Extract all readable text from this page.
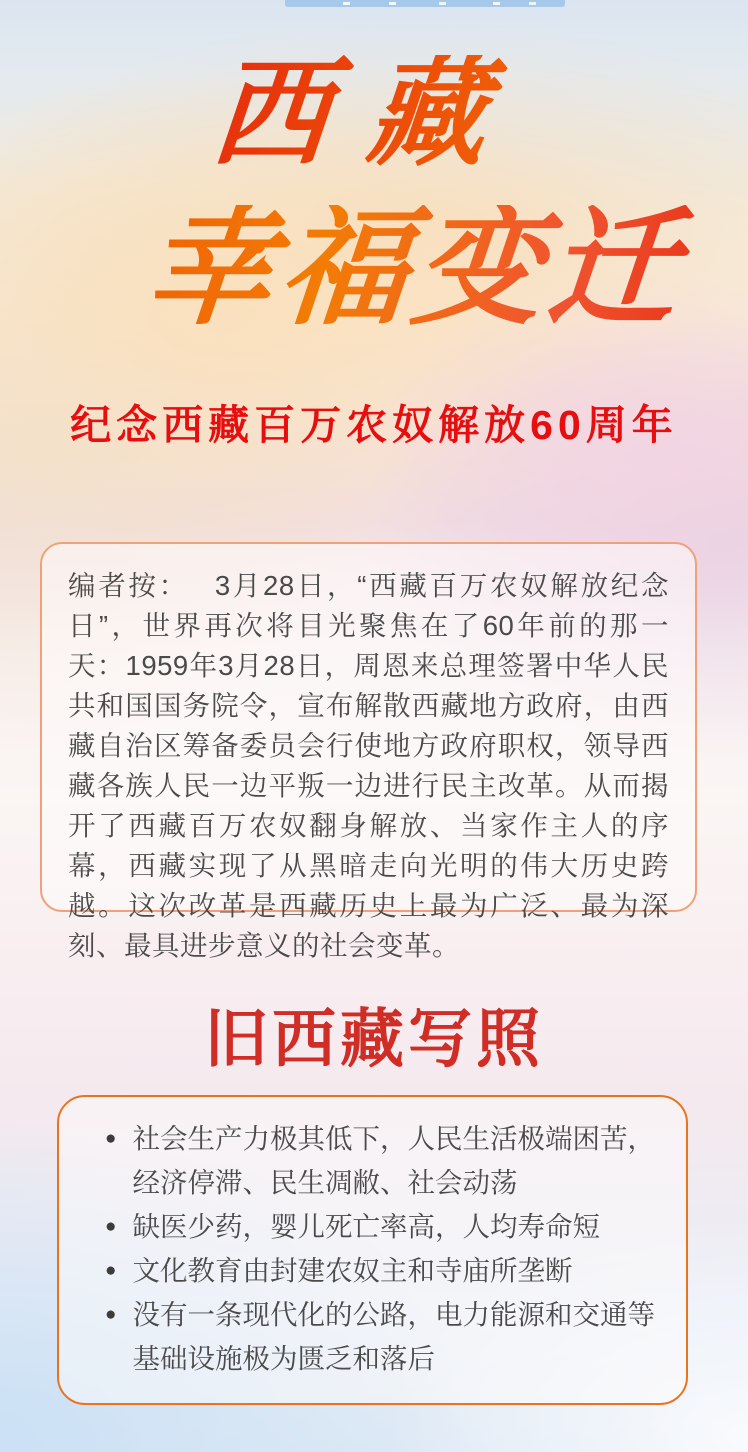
西藏
幸福变迁
纪念西藏百万农奴解放60周年

编者按： 3月28日，“西藏百万农奴解放纪念日”，世界再次将目光聚焦在了60年前的那一天：1959年3月28日，周恩来总理签署中华人民共和国国务院令，宣布解散西藏地方政府，由西藏自治区筹备委员会行使地方政府职权，领导西藏各族人民一边平叛一边进行民主改革。从而揭开了西藏百万农奴翻身解放、当家作主人的序幕，西藏实现了从黑暗走向光明的伟大历史跨越。这次改革是西藏历史上最为广泛、最为深刻、最具进步意义的社会变革。

旧西藏写照
● 社会生产力极其低下，人民生活极端困苦，经济停滞、民生凋敝、社会动荡
● 缺医少药，婴儿死亡率高，人均寿命短
● 文化教育由封建农奴主和寺庙所垄断
● 没有一条现代化的公路，电力能源和交通等基础设施极为匮乏和落后
